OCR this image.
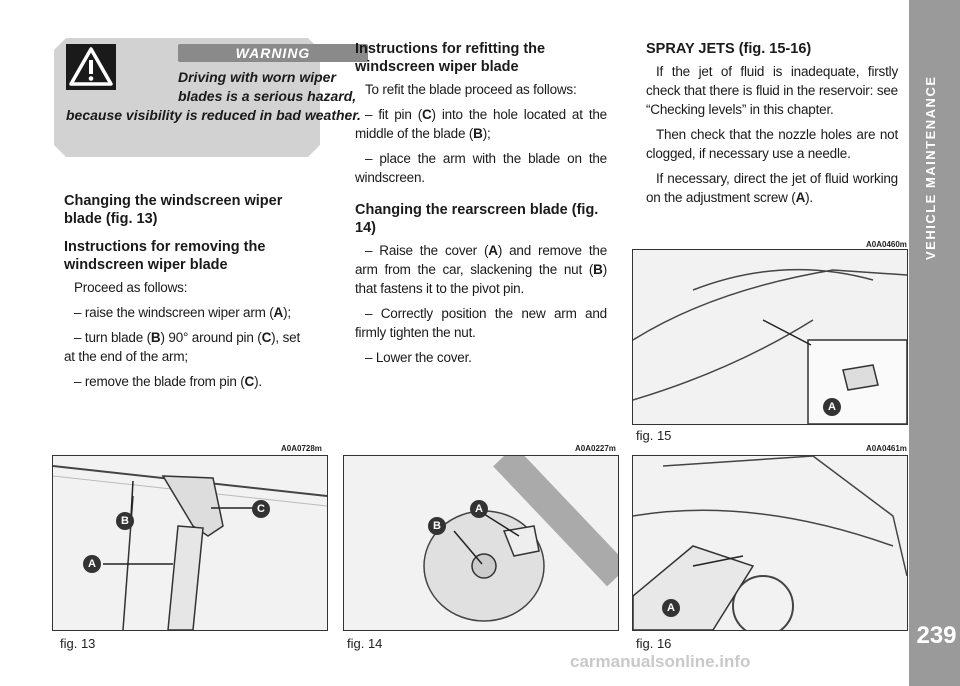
WARNING
Driving with worn wiper blades is a serious hazard,
because visibility is reduced in bad weather.
Changing the windscreen wiper blade (fig. 13)
Instructions for removing the windscreen wiper blade

Proceed as follows:

– raise the windscreen wiper arm (A);

– turn blade (B) 90° around pin (C), set at the end of the arm;

– remove the blade from pin (C).

Instructions for refitting the windscreen wiper blade

To refit the blade proceed as follows:

– fit pin (C) into the hole located at the middle of the blade (B);

– place the arm with the blade on the windscreen.

Changing the rearscreen blade (fig. 14)

– Raise the cover (A) and remove the arm from the car, slackening the nut (B) that fastens it to the pivot pin.

– Correctly position the new arm and firmly tighten the nut.

– Lower the cover.

SPRAY JETS (fig. 15-16)

If the jet of fluid is inadequate, firstly check that there is fluid in the reservoir: see “Checking levels” in this chapter.

Then check that the nozzle holes are not clogged, if necessary use a needle.

If necessary, direct the jet of fluid working on the adjustment screw (A).

A0A0728m
B
C
A
fig. 13
A0A0227m
A
B
fig. 14
A0A0460m
A
fig. 15
A0A0461m
A
fig. 16
VEHICLE MAINTENANCE
239
carmanualsonline.info
